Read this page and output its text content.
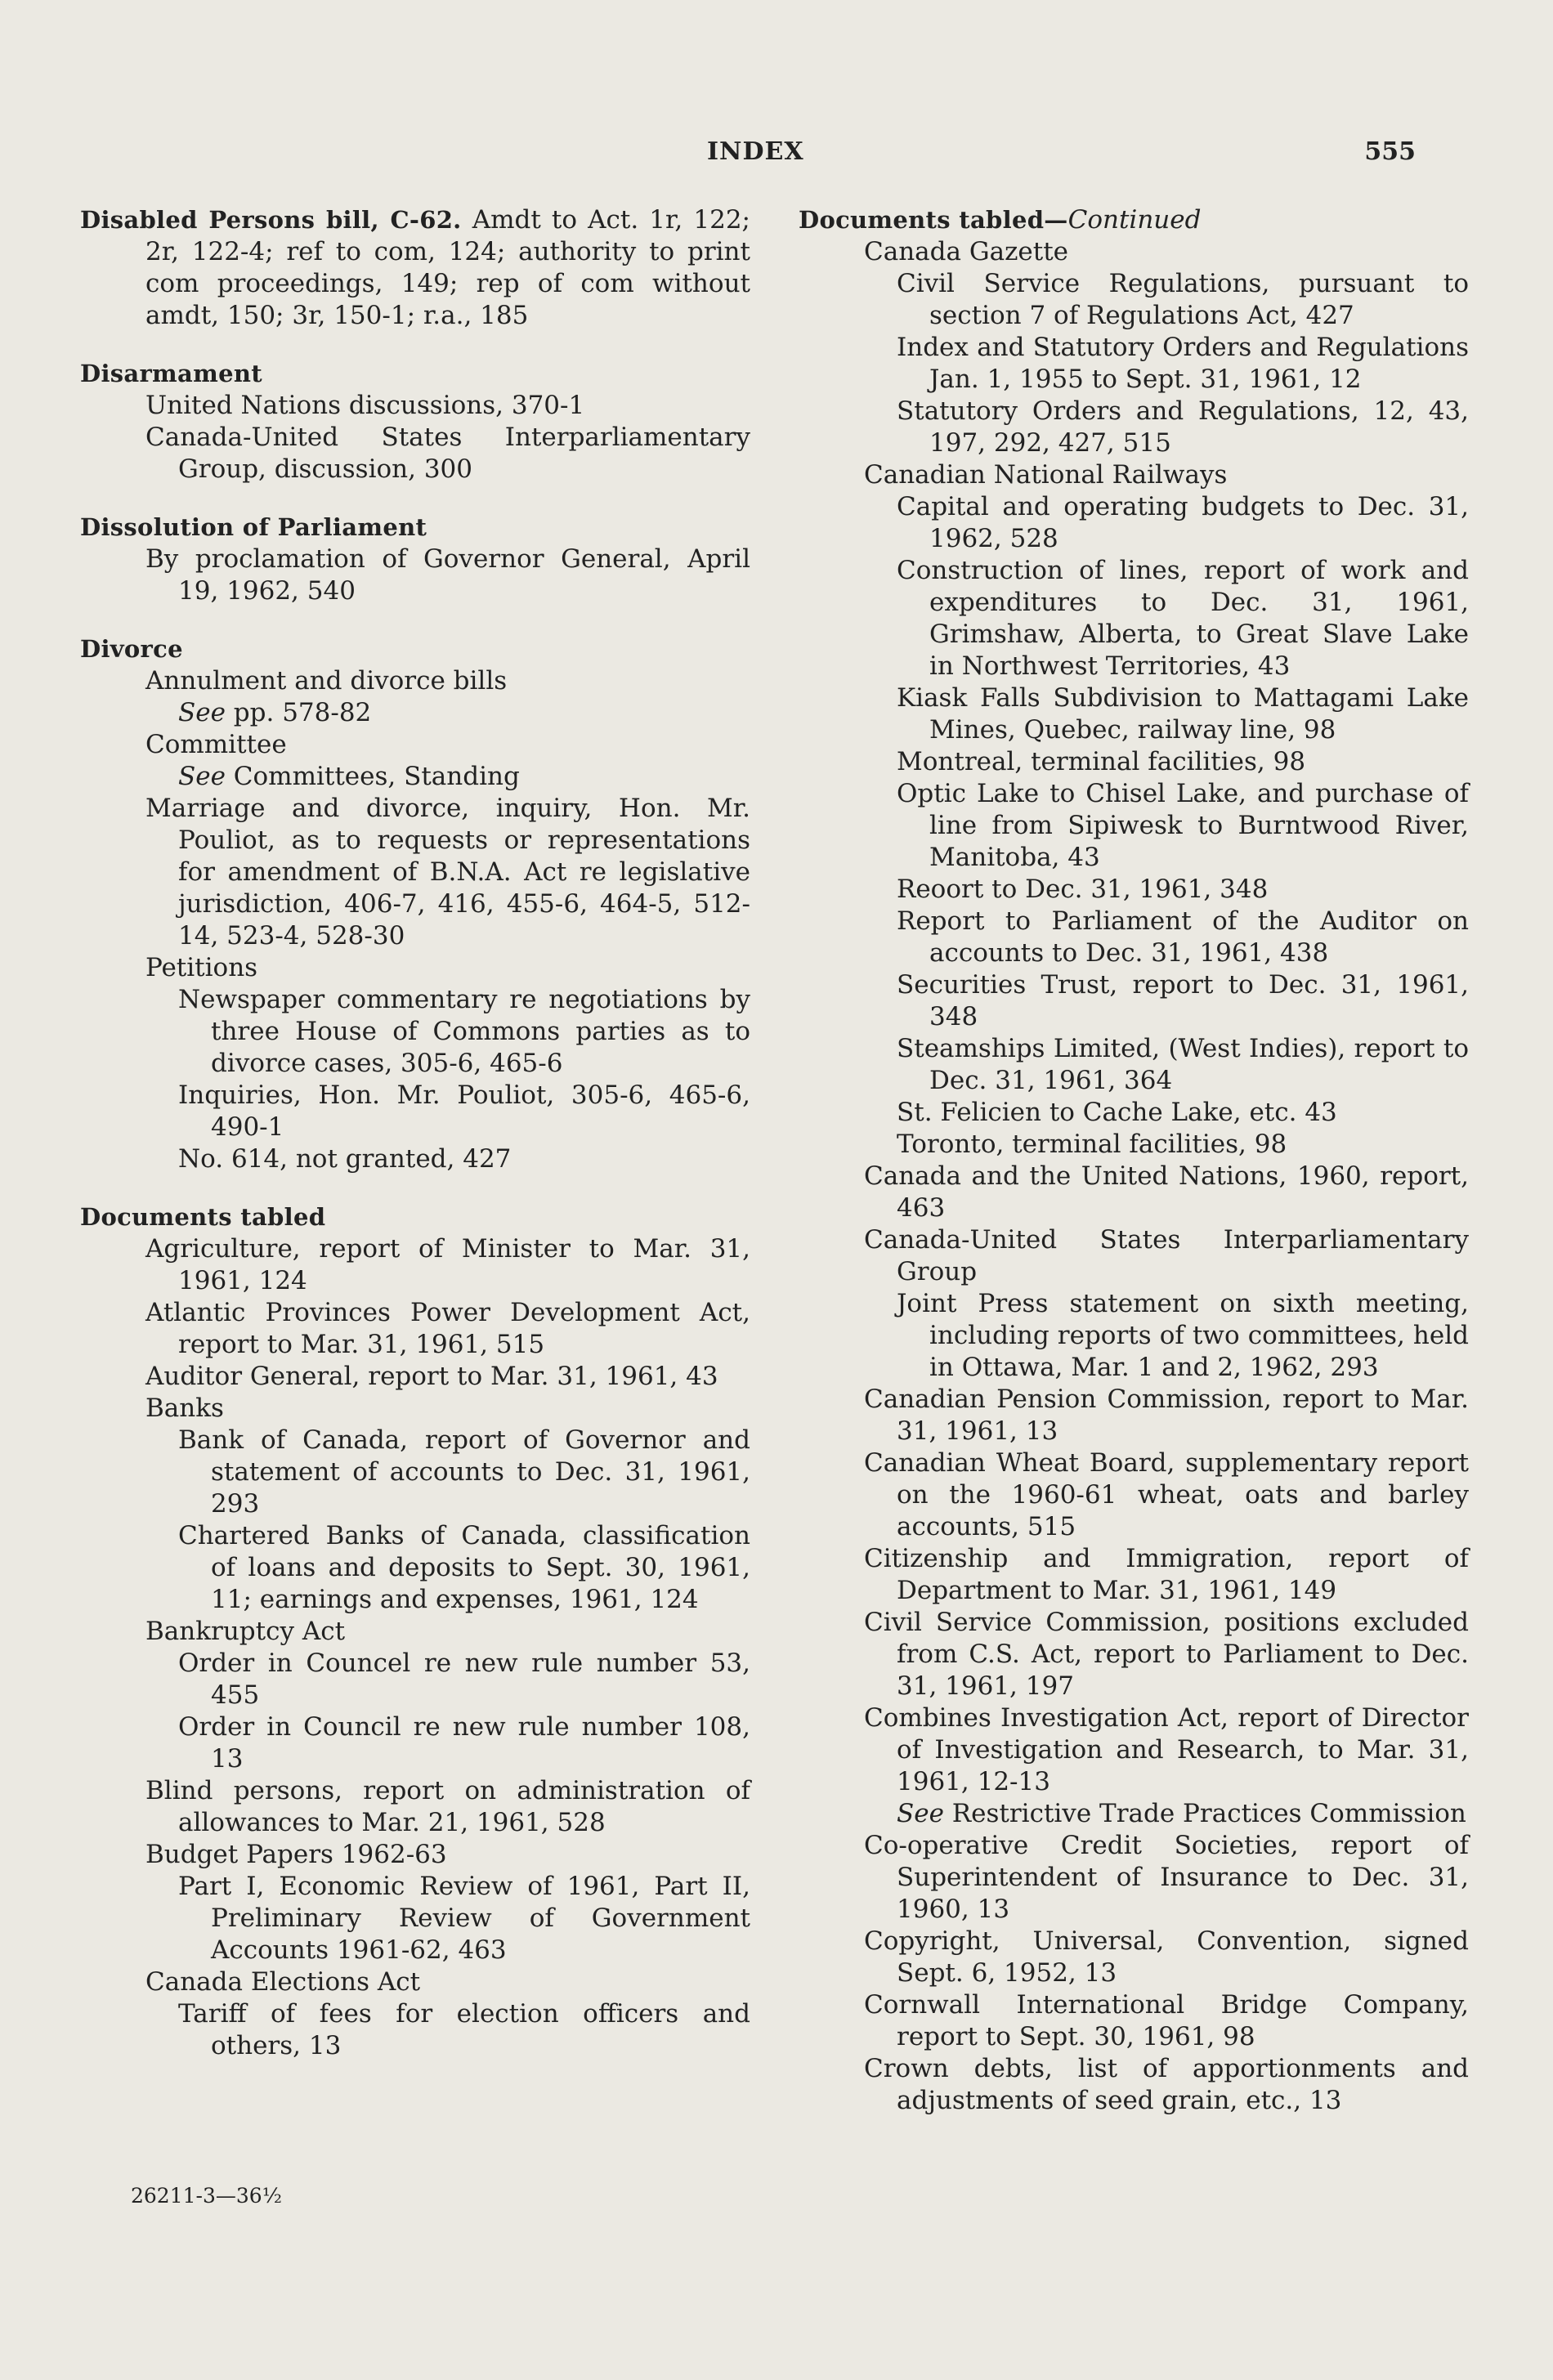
INDEX	555
Disabled Persons bill, C-62. Amdt to Act. 1r, 122; 2r, 122-4; ref to com, 124; authority to print com proceedings, 149; rep of com without amdt, 150; 3r, 150-1; r.a., 185
Disarmament
United Nations discussions, 370-1
Canada-United States Interparliamentary Group, discussion, 300
Dissolution of Parliament
By proclamation of Governor General, April 19, 1962, 540
Divorce
Annulment and divorce bills
See pp. 578-82
Committee
See Committees, Standing
Marriage and divorce, inquiry, Hon. Mr. Pouliot, as to requests or representations for amendment of B.N.A. Act re legislative jurisdiction, 406-7, 416, 455-6, 464-5, 512-14, 523-4, 528-30
Petitions
Newspaper commentary re negotiations by three House of Commons parties as to divorce cases, 305-6, 465-6
Inquiries, Hon. Mr. Pouliot, 305-6, 465-6, 490-1
No. 614, not granted, 427
Documents tabled
Agriculture, report of Minister to Mar. 31, 1961, 124
Atlantic Provinces Power Development Act, report to Mar. 31, 1961, 515
Auditor General, report to Mar. 31, 1961, 43
Banks
Bank of Canada, report of Governor and statement of accounts to Dec. 31, 1961, 293
Chartered Banks of Canada, classification of loans and deposits to Sept. 30, 1961, 11; earnings and expenses, 1961, 124
Bankruptcy Act
Order in Councel re new rule number 53, 455
Order in Council re new rule number 108, 13
Blind persons, report on administration of allowances to Mar. 21, 1961, 528
Budget Papers 1962-63
Part I, Economic Review of 1961, Part II, Preliminary Review of Government Accounts 1961-62, 463
Canada Elections Act
Tariff of fees for election officers and others, 13
Documents tabled—Continued
Canada Gazette
Civil Service Regulations, pursuant to section 7 of Regulations Act, 427
Index and Statutory Orders and Regulations Jan. 1, 1955 to Sept. 31, 1961, 12
Statutory Orders and Regulations, 12, 43, 197, 292, 427, 515
Canadian National Railways
Capital and operating budgets to Dec. 31, 1962, 528
Construction of lines, report of work and expenditures to Dec. 31, 1961, Grimshaw, Alberta, to Great Slave Lake in Northwest Territories, 43
Kiask Falls Subdivision to Mattagami Lake Mines, Quebec, railway line, 98
Montreal, terminal facilities, 98
Optic Lake to Chisel Lake, and purchase of line from Sipiwesk to Burntwood River, Manitoba, 43
Reoort to Dec. 31, 1961, 348
Report to Parliament of the Auditor on accounts to Dec. 31, 1961, 438
Securities Trust, report to Dec. 31, 1961, 348
Steamships Limited, (West Indies), report to Dec. 31, 1961, 364
St. Felicien to Cache Lake, etc. 43
Toronto, terminal facilities, 98
Canada and the United Nations, 1960, report, 463
Canada-United States Interparliamentary Group
Joint Press statement on sixth meeting, including reports of two committees, held in Ottawa, Mar. 1 and 2, 1962, 293
Canadian Pension Commission, report to Mar. 31, 1961, 13
Canadian Wheat Board, supplementary report on the 1960-61 wheat, oats and barley accounts, 515
Citizenship and Immigration, report of Department to Mar. 31, 1961, 149
Civil Service Commission, positions excluded from C.S. Act, report to Parliament to Dec. 31, 1961, 197
Combines Investigation Act, report of Director of Investigation and Research, to Mar. 31, 1961, 12-13
See Restrictive Trade Practices Commission
Co-operative Credit Societies, report of Superintendent of Insurance to Dec. 31, 1960, 13
Copyright, Universal, Convention, signed Sept. 6, 1952, 13
Cornwall International Bridge Company, report to Sept. 30, 1961, 98
Crown debts, list of apportionments and adjustments of seed grain, etc., 13
26211-3—36½
